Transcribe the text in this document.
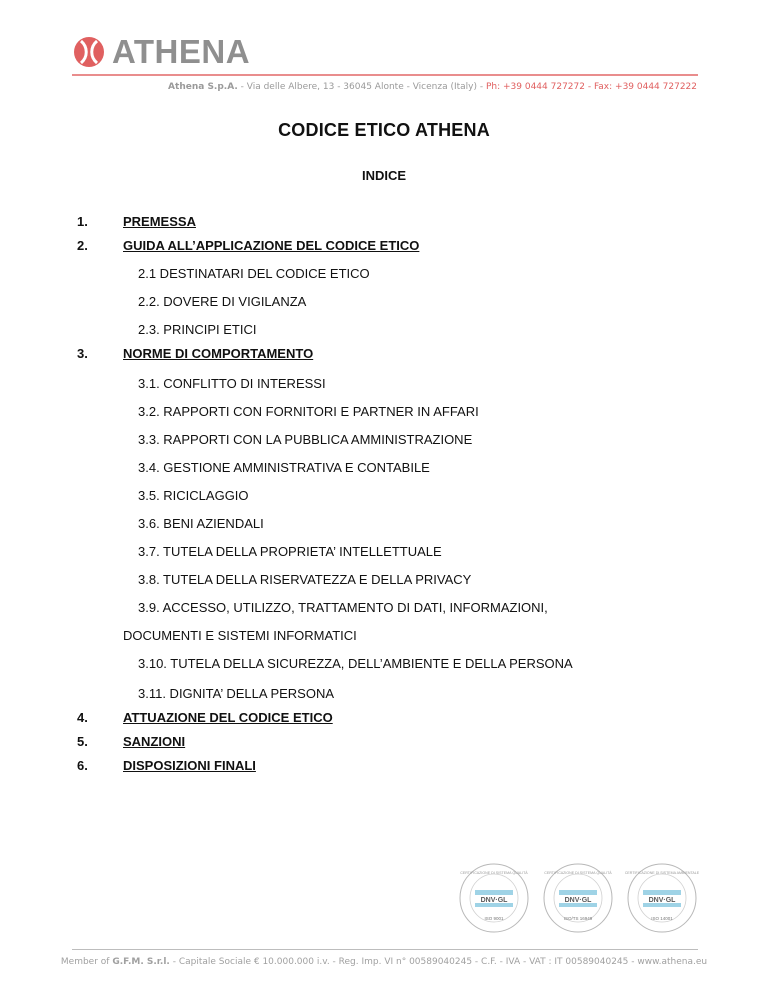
ATHENA
Athena S.p.A. - Via delle Albere, 13 - 36045 Alonte - Vicenza (Italy) - Ph: +39 0444 727272 - Fax: +39 0444 727222
CODICE ETICO ATHENA
INDICE
1.	PREMESSA
2.	GUIDA ALL’APPLICAZIONE DEL CODICE ETICO
2.1 DESTINATARI DEL CODICE ETICO
2.2. DOVERE DI VIGILANZA
2.3. PRINCIPI ETICI
3.	NORME DI COMPORTAMENTO
3.1. CONFLITTO DI INTERESSI
3.2. RAPPORTI CON FORNITORI E PARTNER IN AFFARI
3.3. RAPPORTI CON LA PUBBLICA AMMINISTRAZIONE
3.4. GESTIONE AMMINISTRATIVA E CONTABILE
3.5. RICICLAGGIO
3.6. BENI AZIENDALI
3.7. TUTELA DELLA PROPRIETA’ INTELLETTUALE
3.8. TUTELA DELLA RISERVATEZZA E DELLA PRIVACY
3.9. ACCESSO, UTILIZZO, TRATTAMENTO DI DATI, INFORMAZIONI,
DOCUMENTI E SISTEMI INFORMATICI
3.10. TUTELA DELLA SICUREZZA, DELL’AMBIENTE E DELLA PERSONA
3.11. DIGNITA’ DELLA PERSONA
4.	ATTUAZIONE DEL CODICE ETICO
5.	SANZIONI
6.	DISPOSIZIONI FINALI
DNV·GL
ISO 9001
CERTIFICAZIONE DI SISTEMA QUALITÀ
DNV·GL
ISO/TS 16949
CERTIFICAZIONE DI SISTEMA QUALITÀ
DNV·GL
ISO 14001
CERTIFICAZIONE DI SISTEMA AMBIENTALE
Member of G.F.M. S.r.l. - Capitale Sociale € 10.000.000 i.v. - Reg. Imp. VI n° 00589040245 - C.F. - IVA - VAT : IT 00589040245 - www.athena.eu
